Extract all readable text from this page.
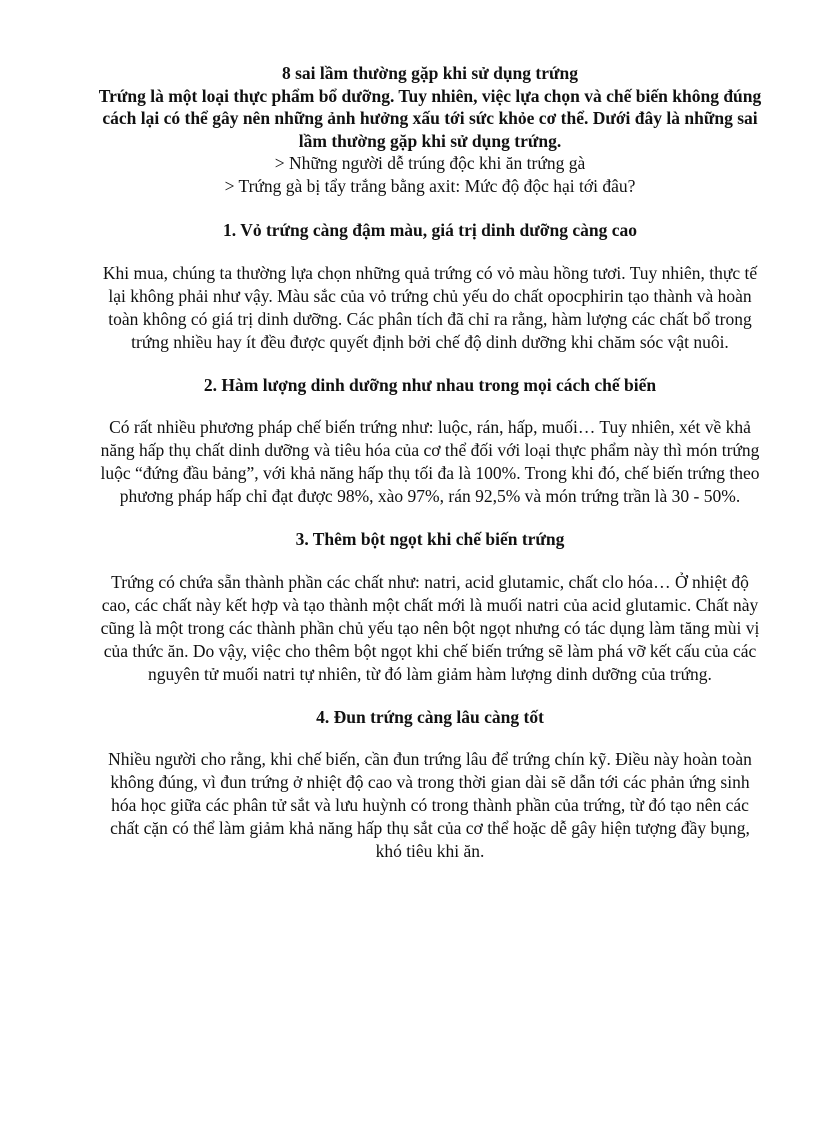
8 sai lầm thường gặp khi sử dụng trứng

Trứng là một loại thực phẩm bổ dưỡng. Tuy nhiên, việc lựa chọn và chế biến không đúng cách lại có thể gây nên những ảnh hưởng xấu tới sức khỏe cơ thể. Dưới đây là những sai lầm thường gặp khi sử dụng trứng.

> Những người dễ trúng độc khi ăn trứng gà

> Trứng gà bị tẩy trắng bằng axit: Mức độ độc hại tới đâu?

1. Vỏ trứng càng đậm màu, giá trị dinh dưỡng càng cao

Khi mua, chúng ta thường lựa chọn những quả trứng có vỏ màu hồng tươi. Tuy nhiên, thực tế lại không phải như vậy. Màu sắc của vỏ trứng chủ yếu do chất opocphirin tạo thành và hoàn toàn không có giá trị dinh dưỡng. Các phân tích đã chỉ ra rằng, hàm lượng các chất bổ trong trứng nhiều hay ít đều được quyết định bởi chế độ dinh dưỡng khi chăm sóc vật nuôi.

2. Hàm lượng dinh dưỡng như nhau trong mọi cách chế biến

Có rất nhiều phương pháp chế biến trứng như: luộc, rán, hấp, muối… Tuy nhiên, xét về khả năng hấp thụ chất dinh dưỡng và tiêu hóa của cơ thể đối với loại thực phẩm này thì món trứng luộc “đứng đầu bảng”, với khả năng hấp thụ tối đa là 100%. Trong khi đó, chế biến trứng theo phương pháp hấp chỉ đạt được 98%, xào 97%, rán 92,5% và món trứng trần là 30 - 50%.

3. Thêm bột ngọt khi chế biến trứng

Trứng có chứa sẵn thành phần các chất như: natri, acid glutamic, chất clo hóa… Ở nhiệt độ cao, các chất này kết hợp và tạo thành một chất mới là muối natri của acid glutamic. Chất này cũng là một trong các thành phần chủ yếu tạo nên bột ngọt nhưng có tác dụng làm tăng mùi vị của thức ăn. Do vậy, việc cho thêm bột ngọt khi chế biến trứng sẽ làm phá vỡ kết cấu của các nguyên tử muối natri tự nhiên, từ đó làm giảm hàm lượng dinh dưỡng của trứng.

4. Đun trứng càng lâu càng tốt

Nhiều người cho rằng, khi chế biến, cần đun trứng lâu để trứng chín kỹ. Điều này hoàn toàn không đúng, vì đun trứng ở nhiệt độ cao và trong thời gian dài sẽ dẫn tới các phản ứng sinh hóa học giữa các phân tử sắt và lưu huỳnh có trong thành phần của trứng, từ đó tạo nên các chất cặn có thể làm giảm khả năng hấp thụ sắt của cơ thể hoặc dễ gây hiện tượng đầy bụng, khó tiêu khi ăn.
